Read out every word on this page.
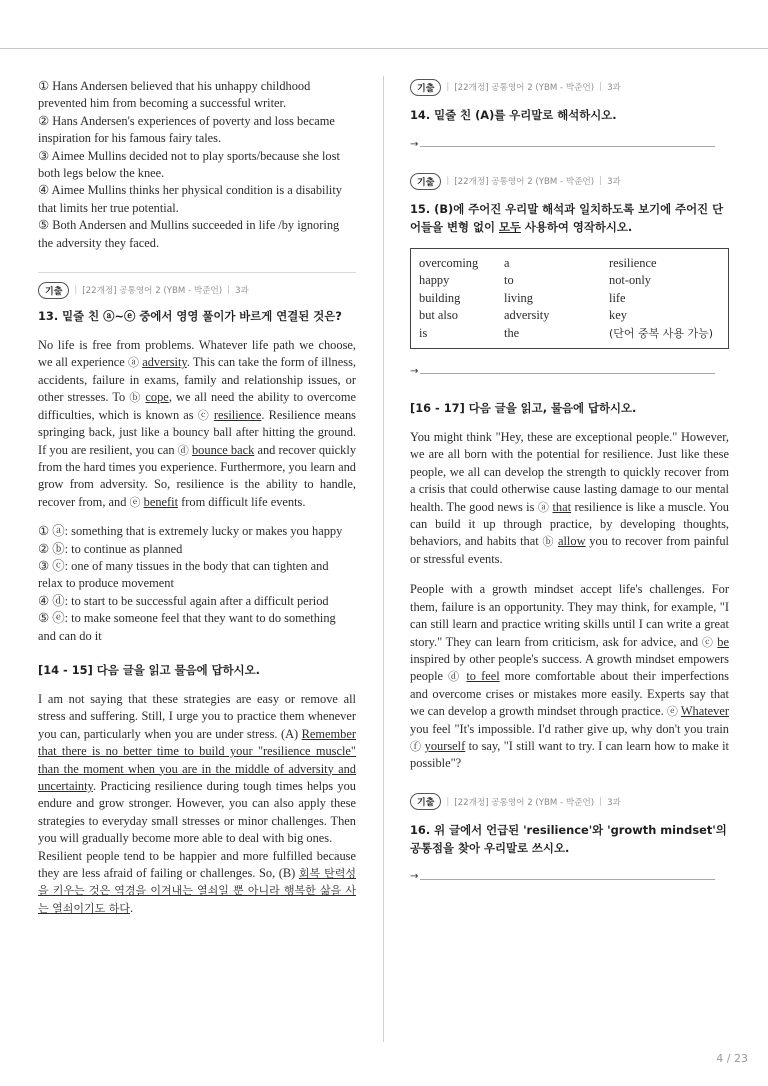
① Hans Andersen believed that his unhappy childhood prevented him from becoming a successful writer.
② Hans Andersen's experiences of poverty and loss became inspiration for his famous fairy tales.
③ Aimee Mullins decided not to play sports/because she lost both legs below the knee.
④ Aimee Mullins thinks her physical condition is a disability that limits her true potential.
⑤ Both Andersen and Mullins succeeded in life /by ignoring the adversity they faced.
기출	| [22개정] 공통영어 2 (YBM - 박준언) | 3과
13. 밑줄 친 ⓐ~ⓔ 중에서 영영 풀이가 바르게 연결된 것은?

No life is free from problems. Whatever life path we choose, we all experience ⓐ adversity. This can take the form of illness, accidents, failure in exams, family and relationship issues, or other stresses. To ⓑ cope, we all need the ability to overcome difficulties, which is known as ⓒ resilience. Resilience means springing back, just like a bouncy ball after hitting the ground. If you are resilient, you can ⓓ bounce back and recover quickly from the hard times you experience. Furthermore, you learn and grow from adversity. So, resilience is the ability to handle, recover from, and ⓔ benefit from difficult life events.

① ⓐ: something that is extremely lucky or makes you happy
② ⓑ: to continue as planned
③ ⓒ: one of many tissues in the body that can tighten and relax to produce movement
④ ⓓ: to start to be successful again after a difficult period
⑤ ⓔ: to make someone feel that they want to do something and can do it
[14 - 15] 다음 글을 읽고 물음에 답하시오.

I am not saying that these strategies are easy or remove all stress and suffering. Still, I urge you to practice them whenever you can, particularly when you are under stress. (A) Remember that there is no better time to build your "resilience muscle" than the moment when you are in the middle of adversity and uncertainty. Practicing resilience during tough times helps you endure and grow stronger. However, you can also apply these strategies to everyday small stresses or minor challenges. Then you will gradually become more able to deal with big ones.

Resilient people tend to be happier and more fulfilled because they are less afraid of failing or challenges. So, (B) 회복 탄력성을 키우는 것은 역경을 이겨내는 열쇠일 뿐 아니라 행복한 삶을 사는 열쇠이기도 하다.

기출	| [22개정] 공통영어 2 (YBM - 박준언) | 3과
14. 밑줄 친 (A)를 우리말로 해석하시오.
→
기출	| [22개정] 공통영어 2 (YBM - 박준언) | 3과
15. (B)에 주어진 우리말 해석과 일치하도록 보기에 주어진 단어들을 변형 없이 모두 사용하여 영작하시오.
overcoming	a	resilience
happy	to	not-only
building	living	life
but also	adversity	key
is	the	(단어 중복 사용 가능)
→
[16 - 17] 다음 글을 읽고, 물음에 답하시오.

You might think "Hey, these are exceptional people." However, we are all born with the potential for resilience. Just like these people, we all can develop the strength to quickly recover from a crisis that could otherwise cause lasting damage to our mental health. The good news is ⓐ that resilience is like a muscle. You can build it up through practice, by developing thoughts, behaviors, and habits that ⓑ allow you to recover from painful or stressful events.

People with a growth mindset accept life's challenges. For them, failure is an opportunity. They may think, for example, "I can still learn and practice writing skills until I can write a great story." They can learn from criticism, ask for advice, and ⓒ be inspired by other people's success. A growth mindset empowers people ⓓ to feel more comfortable about their imperfections and overcome crises or mistakes more easily. Experts say that we can develop a growth mindset through practice. ⓔ Whatever you feel "It's impossible. I'd rather give up, why don't you train ⓕ yourself to say, "I still want to try. I can learn how to make it possible"?

기출	| [22개정] 공통영어 2 (YBM - 박준언) | 3과
16. 위 글에서 언급된 'resilience'와 'growth mindset'의 공통점을 찾아 우리말로 쓰시오.
→
4 / 23
